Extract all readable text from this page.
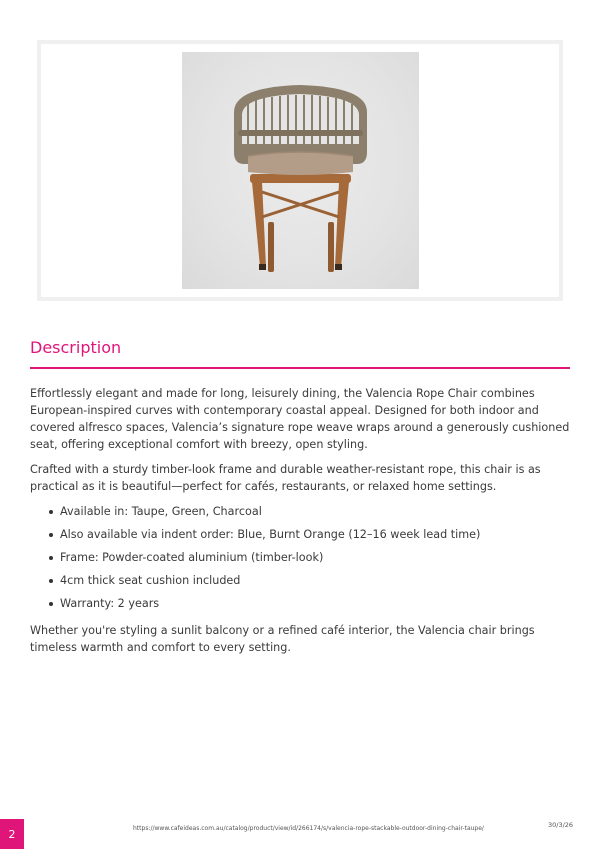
Description

Effortlessly elegant and made for long, leisurely dining, the Valencia Rope Chair combines European-inspired curves with contemporary coastal appeal. Designed for both indoor and covered alfresco spaces, Valencia’s signature rope weave wraps around a generously cushioned seat, offering exceptional comfort with breezy, open styling.

Crafted with a sturdy timber-look frame and durable weather-resistant rope, this chair is as practical as it is beautiful—perfect for cafés, restaurants, or relaxed home settings.

Available in: Taupe, Green, Charcoal
Also available via indent order: Blue, Burnt Orange (12–16 week lead time)
Frame: Powder-coated aluminium (timber-look)
4cm thick seat cushion included
Warranty: 2 years

Whether you're styling a sunlit balcony or a refined café interior, the Valencia chair brings timeless warmth and comfort to every setting.

2	https://www.cafeideas.com.au/catalog/product/view/id/266174/s/valencia-rope-stackable-outdoor-dining-chair-taupe/	30/3/26
